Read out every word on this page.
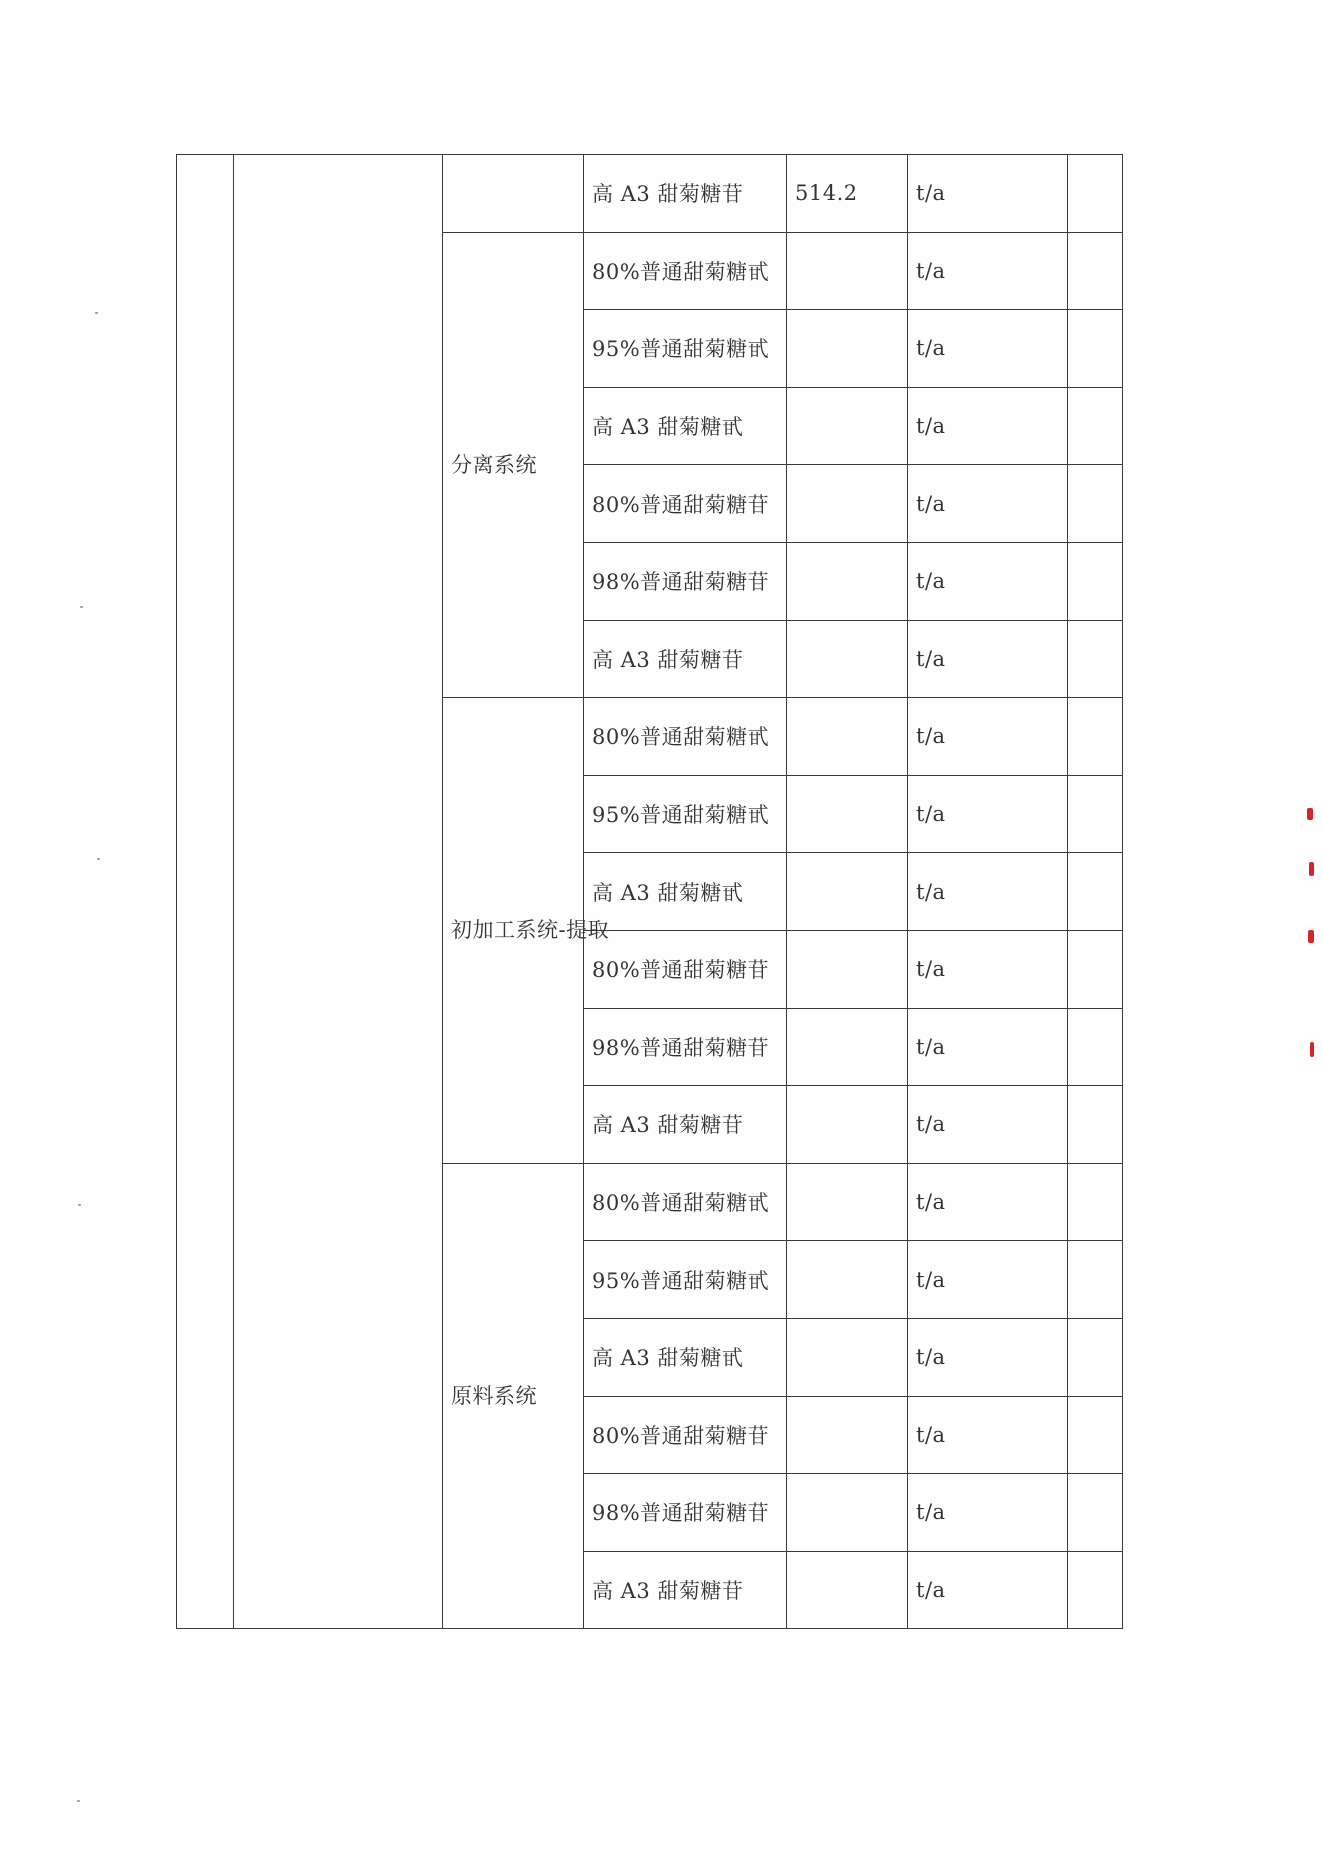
			高 A3 甜菊糖苷	514.2	t/a	
		分离系统	80%普通甜菊糖甙		t/a	
			95%普通甜菊糖甙		t/a	
			高 A3 甜菊糖甙		t/a	
			80%普通甜菊糖苷		t/a	
			98%普通甜菊糖苷		t/a	
			高 A3 甜菊糖苷		t/a	
		初加工系统-提取	80%普通甜菊糖甙		t/a	
			95%普通甜菊糖甙		t/a	
			高 A3 甜菊糖甙		t/a	
			80%普通甜菊糖苷		t/a	
			98%普通甜菊糖苷		t/a	
			高 A3 甜菊糖苷		t/a	
		原料系统	80%普通甜菊糖甙		t/a	
			95%普通甜菊糖甙		t/a	
			高 A3 甜菊糖甙		t/a	
			80%普通甜菊糖苷		t/a	
			98%普通甜菊糖苷		t/a	
			高 A3 甜菊糖苷		t/a	
